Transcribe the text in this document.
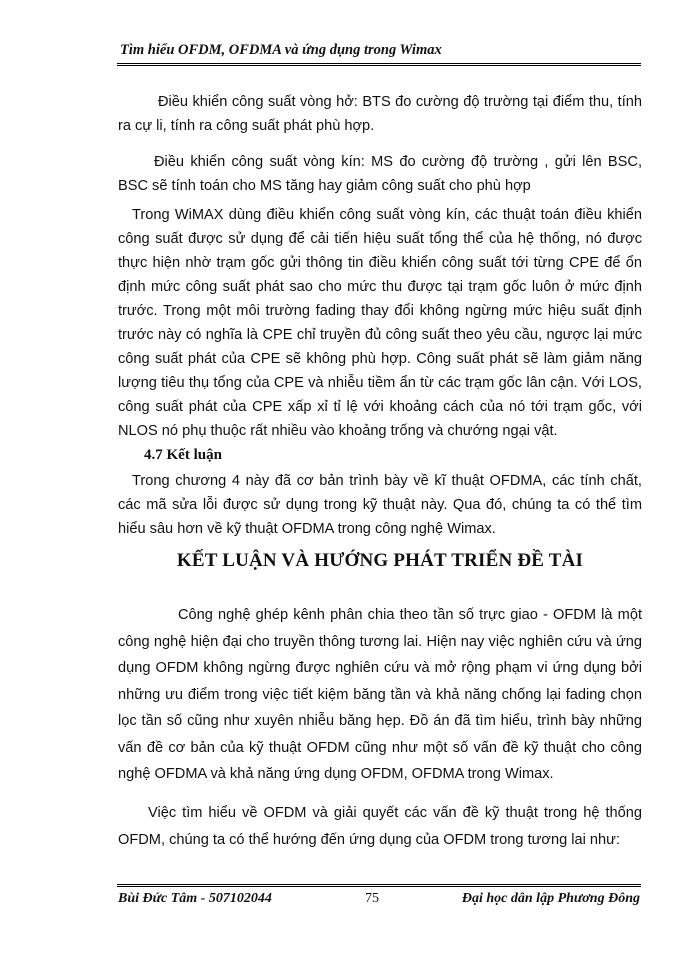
Tìm hiểu OFDM, OFDMA và ứng dụng trong Wimax

Điều khiển công suất vòng hở: BTS đo cường độ trường tại điểm thu, tính ra cự li, tính ra công suất phát phù hợp.

Điều khiển công suất vòng kín: MS đo cường độ trường , gửi lên BSC, BSC sẽ tính toán cho MS tăng hay giảm công suất cho phù hợp

Trong WiMAX dùng điều khiển công suất vòng kín, các thuật toán điều khiển công suất được sử dụng để cải tiến hiệu suất tổng thể của hệ thống, nó được thực hiện nhờ trạm gốc gửi thông tin điều khiển công suất tới từng CPE để ổn định mức công suất phát sao cho mức thu được tại trạm gốc luôn ở mức định trước. Trong một môi trường fading thay đổi không ngừng mức hiệu suất định trước này có nghĩa là CPE chỉ truyền đủ công suất theo yêu cầu, ngược lại mức công suất phát của CPE sẽ không phù hợp. Công suất phát sẽ làm giảm năng lượng tiêu thụ tổng của CPE và nhiễu tiềm ẩn từ các trạm gốc lân cận. Với LOS, công suất phát của CPE xấp xỉ tỉ lệ với khoảng cách của nó tới trạm gốc, với NLOS nó phụ thuộc rất nhiều vào khoảng trống và chướng ngại vật.

4.7 Kết luận

Trong chương 4 này đã cơ bản trình bày về kĩ thuật OFDMA, các tính chất, các mã sửa lỗi được sử dụng trong kỹ thuật này. Qua đó, chúng ta có thể tìm hiểu sâu hơn về kỹ thuật OFDMA trong công nghệ Wimax.

KẾT LUẬN VÀ HƯỚNG PHÁT TRIỂN ĐỀ TÀI

Công nghệ ghép kênh phân chia theo tần số trực giao - OFDM là một công nghệ hiện đại cho truyền thông tương lai. Hiện nay việc nghiên cứu và ứng dụng OFDM không ngừng được nghiên cứu và mở rộng phạm vi ứng dụng bởi những ưu điểm trong việc tiết kiệm băng tần và khả năng chống lại fading chọn lọc tần số cũng như xuyên nhiễu băng hẹp. Đồ án đã tìm hiểu, trình bày những vấn đề cơ bản của kỹ thuật OFDM cũng như một số vấn đề kỹ thuật cho công nghệ OFDMA và khả năng ứng dụng OFDM, OFDMA trong Wimax.

Việc tìm hiểu về OFDM và giải quyết các vấn đề kỹ thuật trong hệ thống OFDM, chúng ta có thể hướng đến ứng dụng của OFDM trong tương lai như:

Bùi Đức Tâm - 507102044	75	Đại học dân lập Phương Đông
